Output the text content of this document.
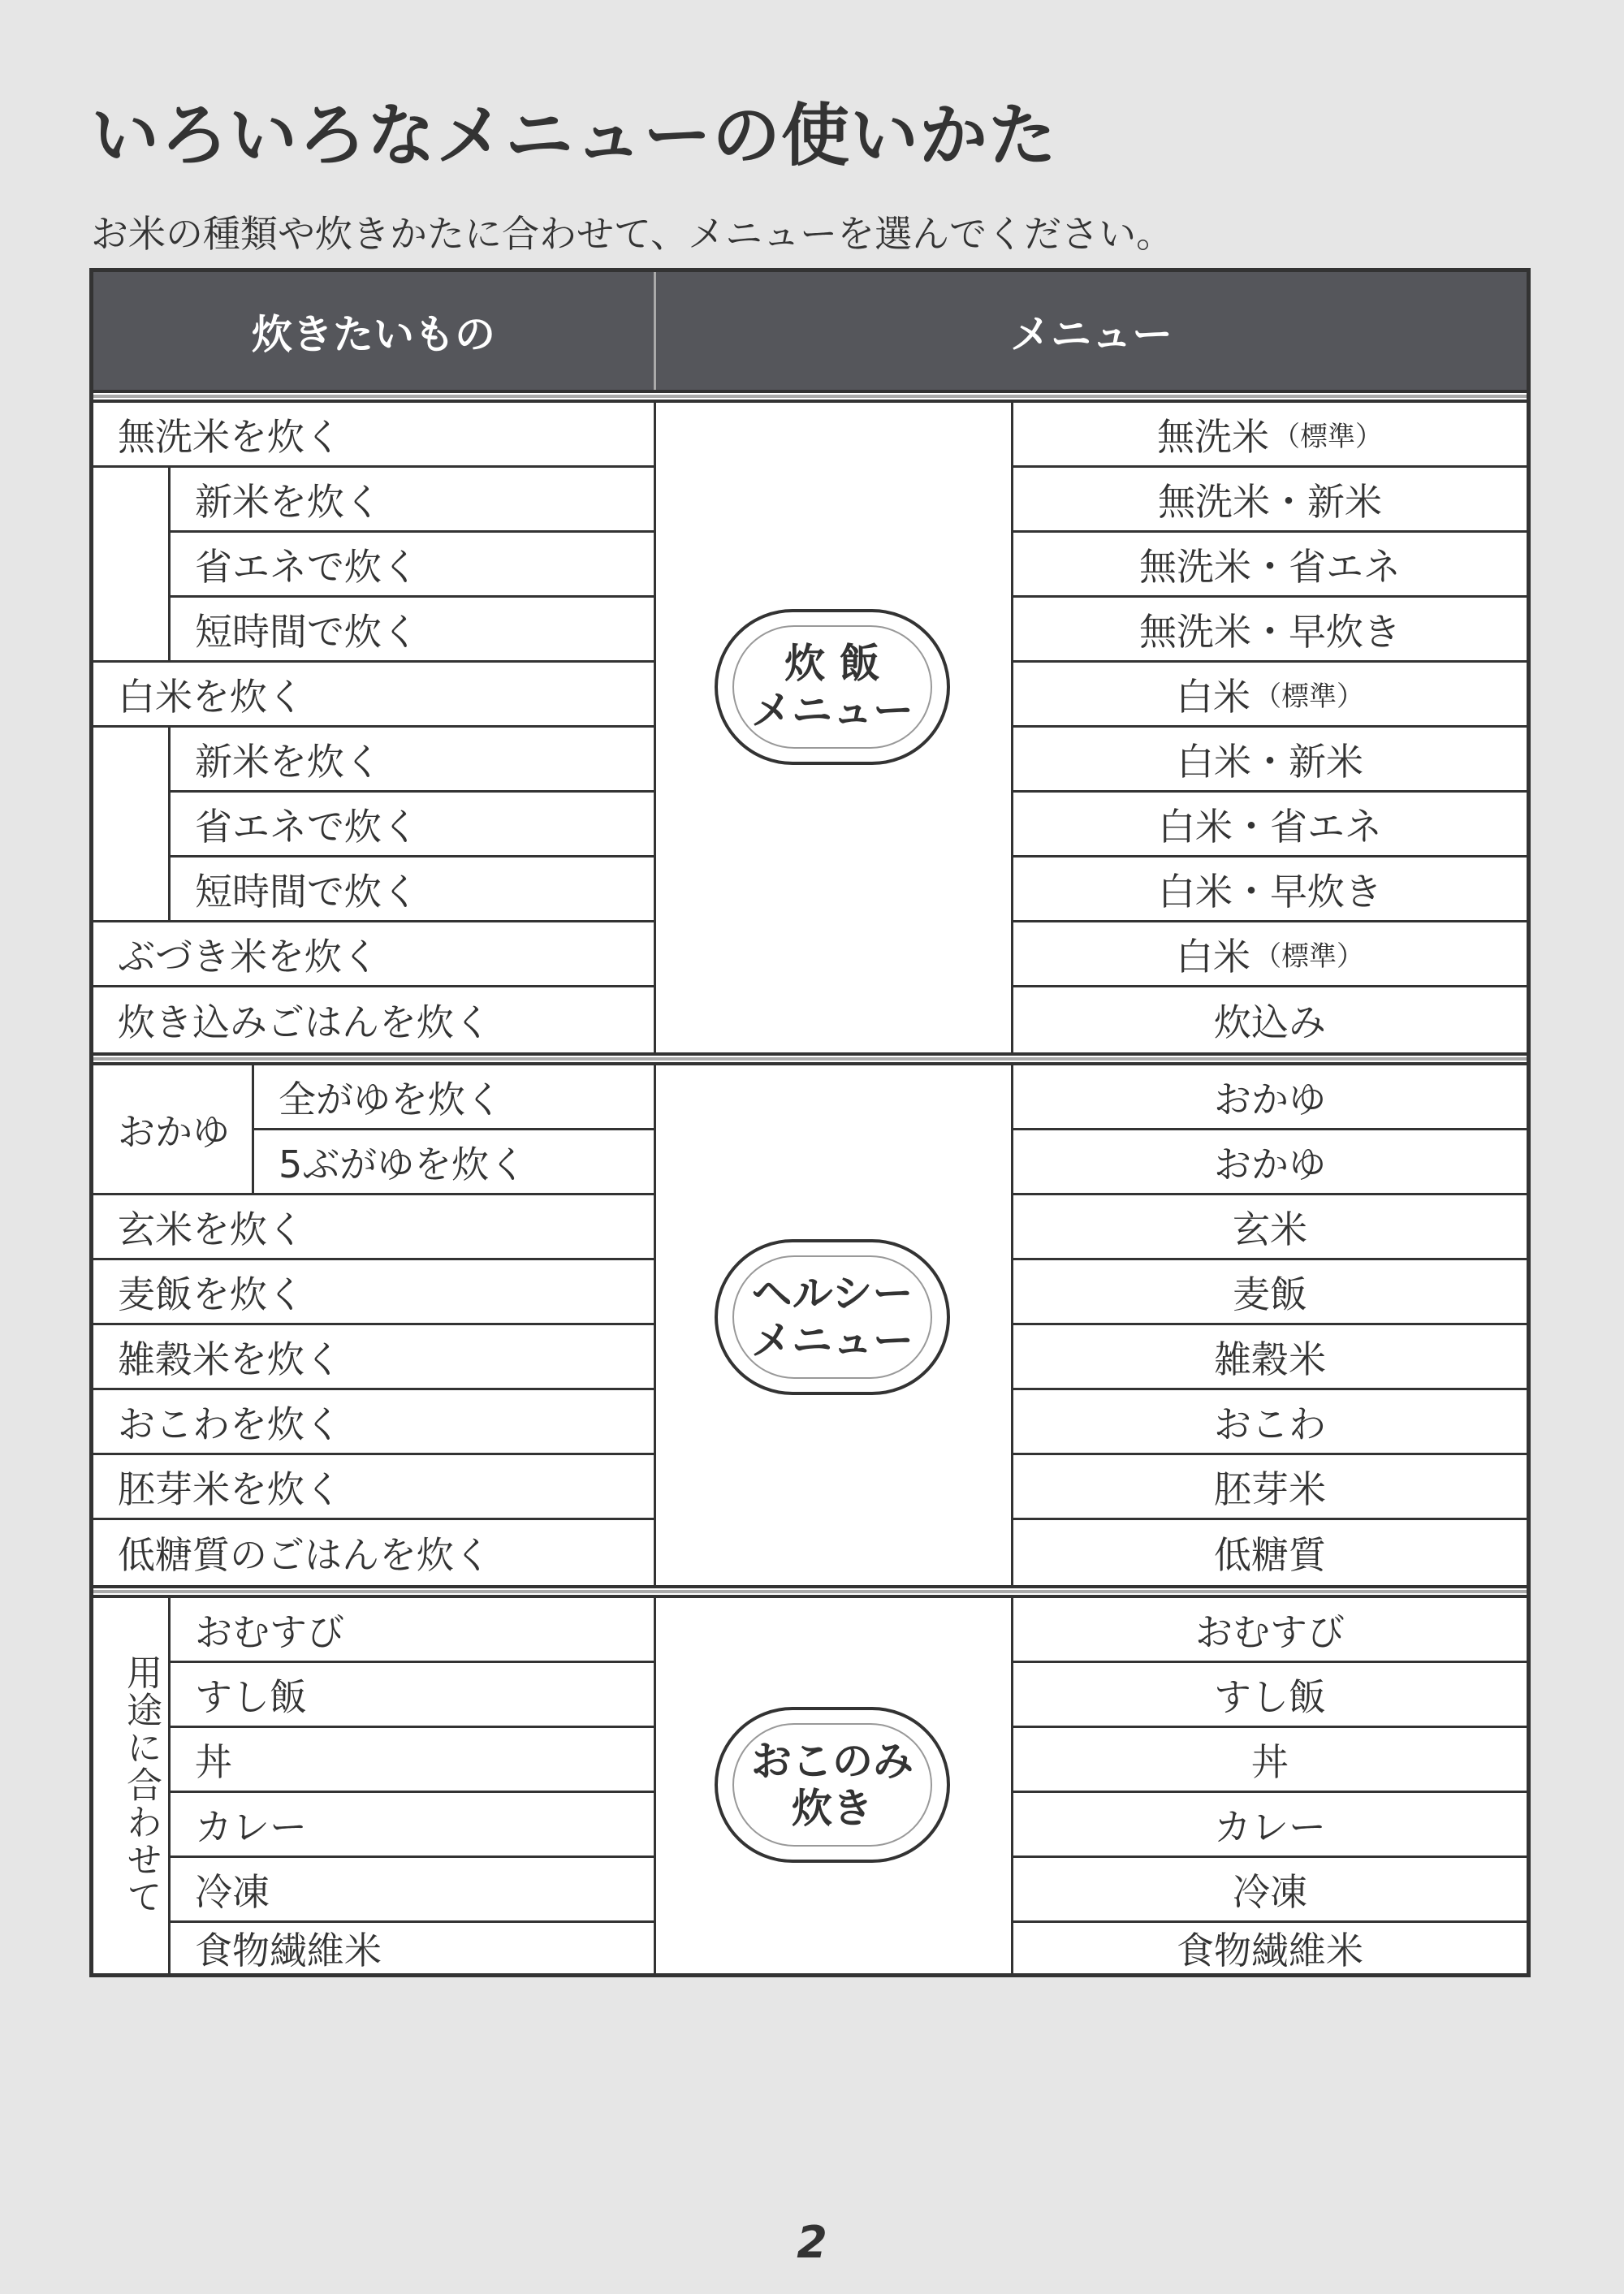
いろいろなメニューの使いかた
お米の種類や炊きかたに合わせて、メニューを選んでください。
炊きたいもの	メニュー
無洗米を炊く
新米を炊く
省エネで炊く
短時間で炊く
白米を炊く
新米を炊く
省エネで炊く
短時間で炊く
無洗米 （標準）
無洗米・新米
無洗米・省エネ
無洗米・早炊き
白米 （標準）
白米・新米
白米・省エネ
白米・早炊き
炊 飯
メニュー
ぶづき米を炊く
炊き込みごはんを炊く
白米 （標準）
炊込み
おかゆ
全がゆを炊く
5ぶがゆを炊く
玄米を炊く
麦飯を炊く
雑穀米を炊く
おこわを炊く
胚芽米を炊く
低糖質のごはんを炊く
おかゆ
おかゆ
玄米
麦飯
雑穀米
おこわ
胚芽米
低糖質
ヘルシー
メニュー
用途に合わせて
おむすび
すし飯
丼
カレー
冷凍
食物繊維米
おむすび
すし飯
丼
カレー
冷凍
食物繊維米
おこのみ
炊き
2
